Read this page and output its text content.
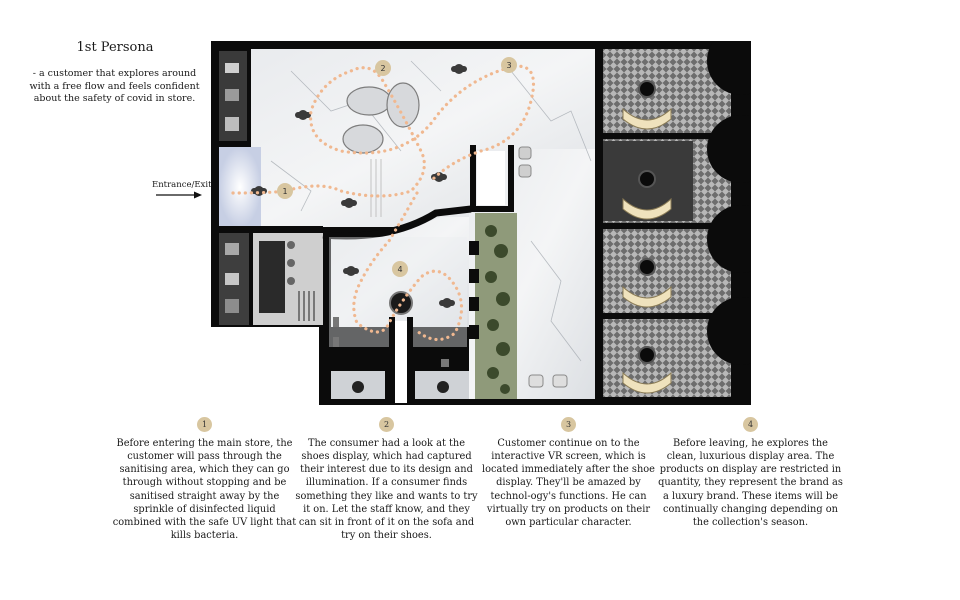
1st Persona
- a customer that explores around with a free flow and feels confident about the safety of covid in store.
Entrance/Exit
1
2	3
4
1
Before entering the main store, the customer will pass through the sanitising area, which they can go through without stopping and be sanitised straight away by the sprinkle of disinfected liquid combined with the safe UV light that kills bacteria.
2
The consumer had a look at the shoes display, which had captured their interest due to its design and illumination. If a consumer finds something they like and wants to try it on. Let the staff know, and they can sit in front of it on the sofa and try on their shoes.
3
Customer continue on to the interactive VR screen, which is located immediately after the shoe display. They'll be amazed by technol-ogy's functions. He can virtually try on products on their own particular character.
4
Before leaving, he explores the clean, luxurious display area. The products on display are restricted in quantity, they represent the brand as a luxury brand. These items will be continually changing depending on the collection's season.
